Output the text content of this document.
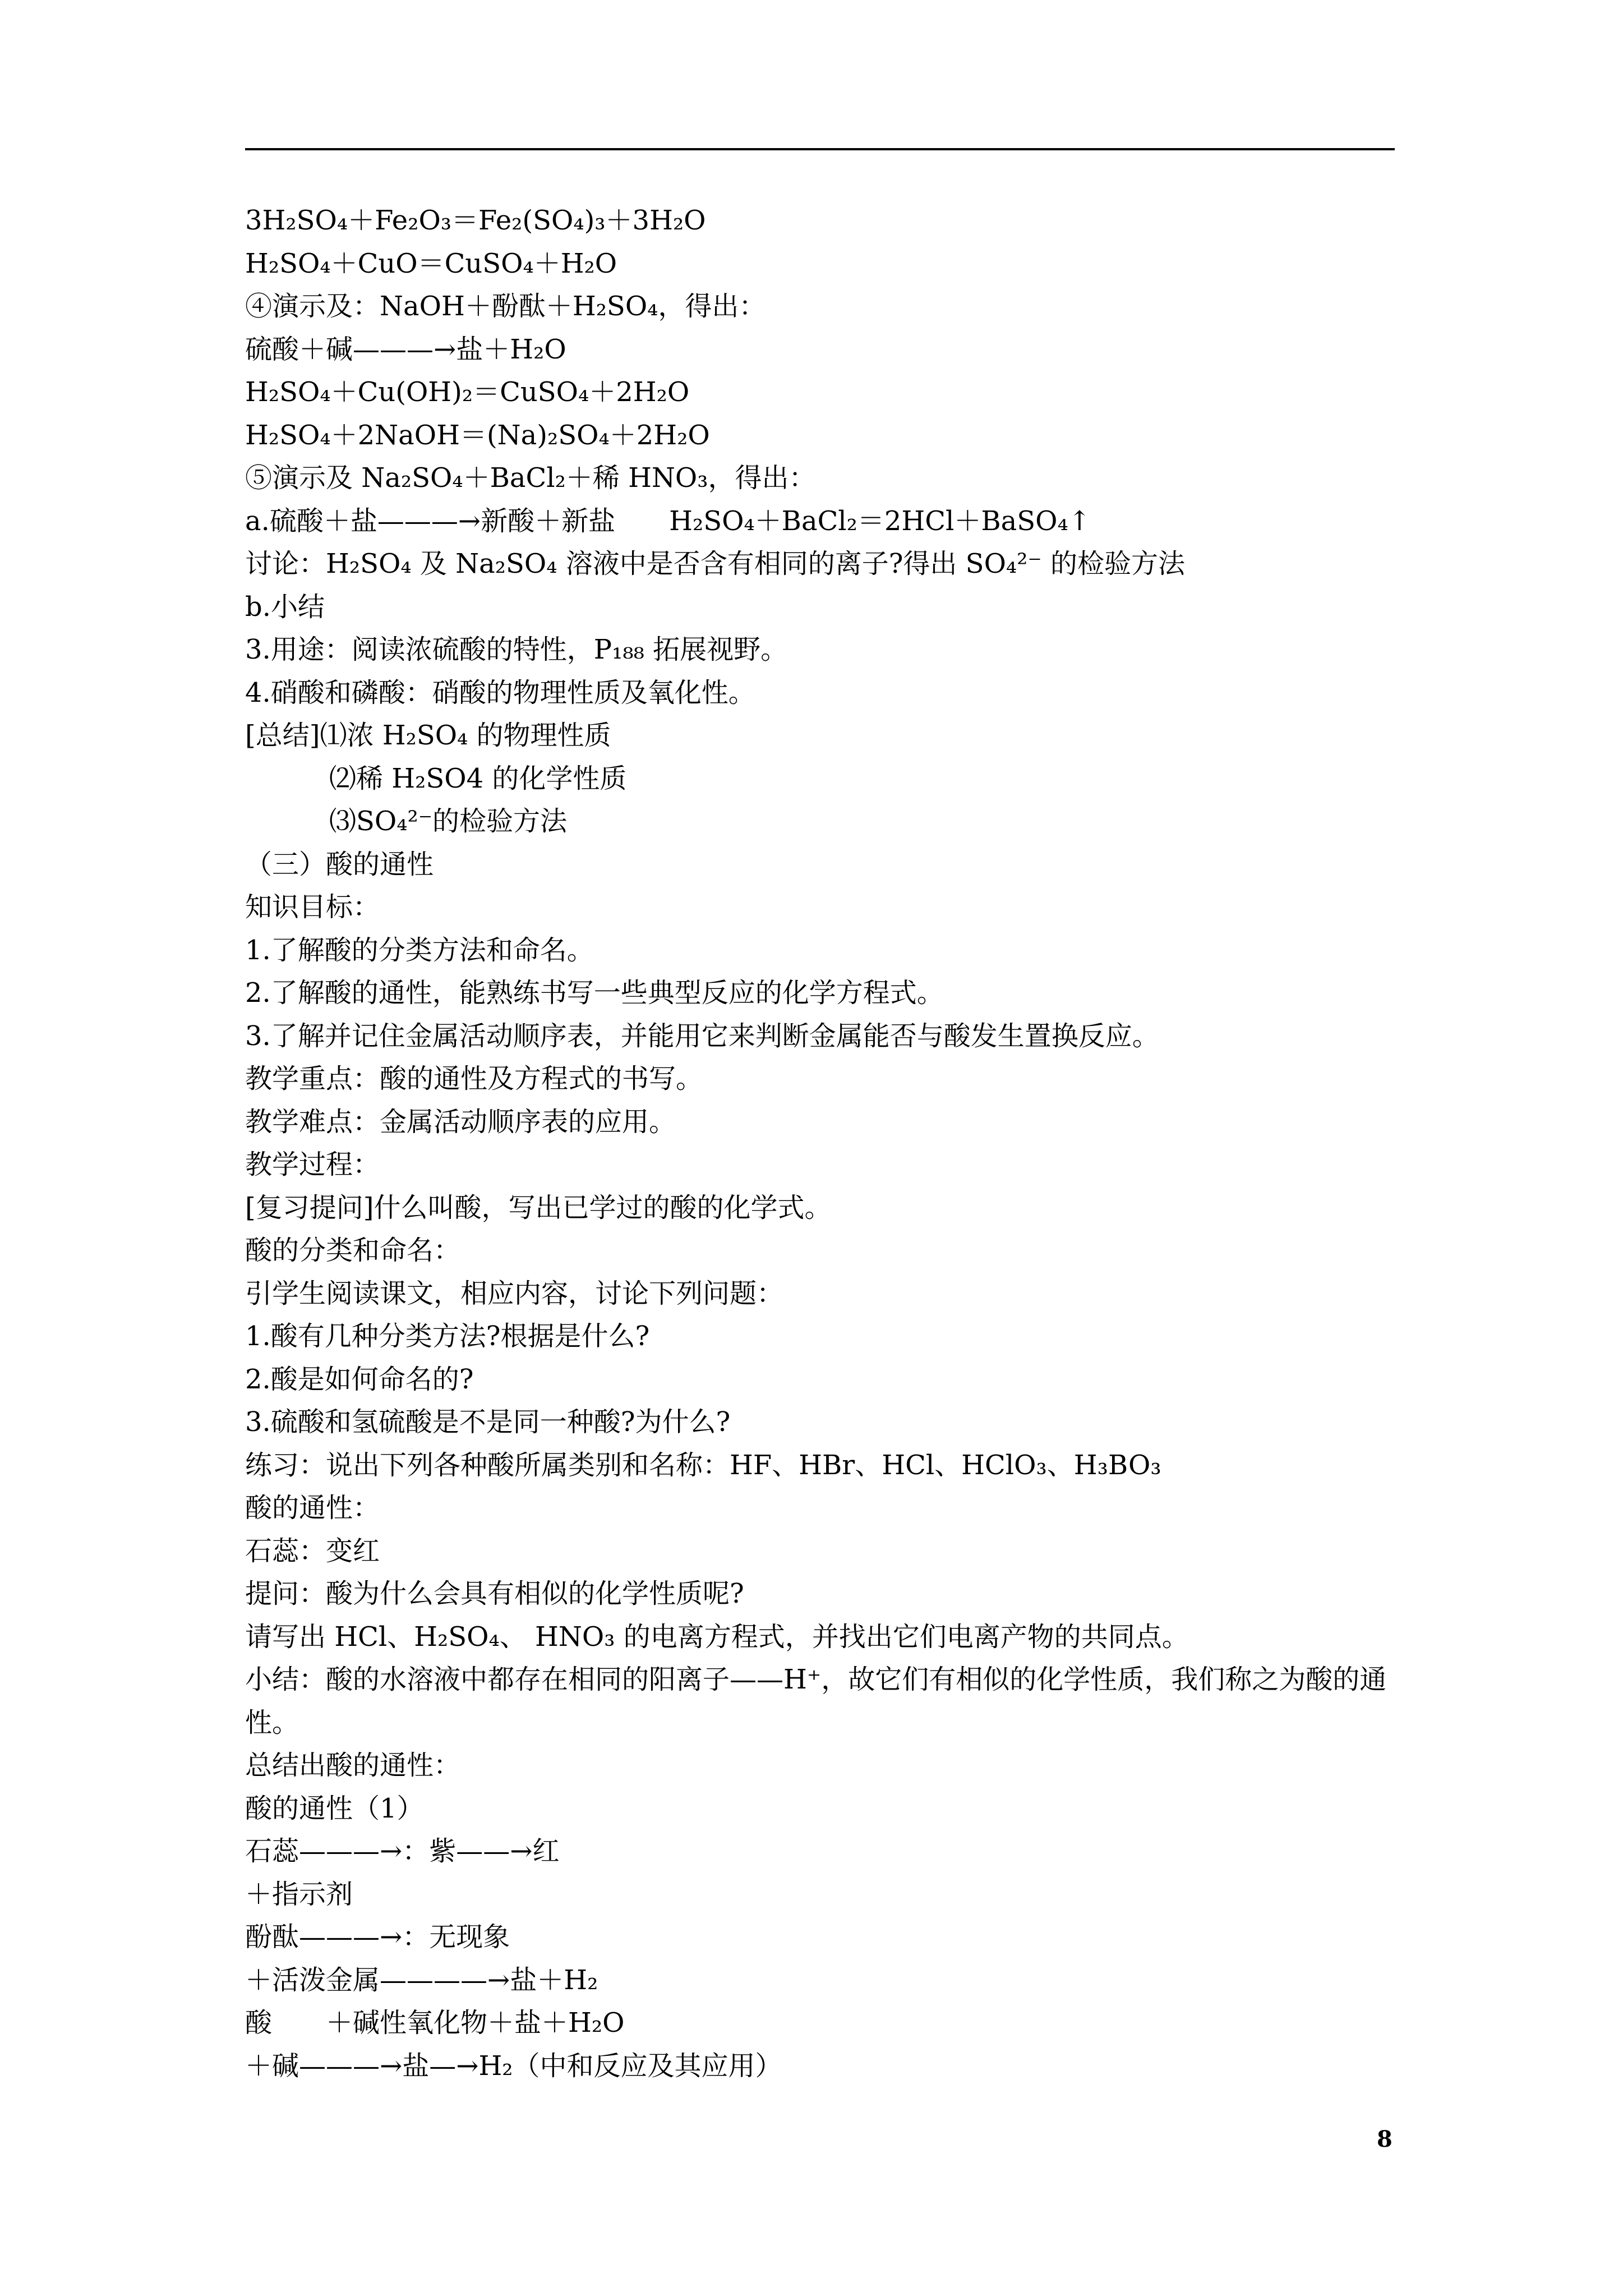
3H₂SO₄＋Fe₂O₃＝Fe₂(SO₄)₃＋3H₂O
H₂SO₄＋CuO＝CuSO₄＋H₂O
④演示及：NaOH＋酚酞＋H₂SO₄，得出：
硫酸＋碱———→盐＋H₂O
H₂SO₄＋Cu(OH)₂＝CuSO₄＋2H₂O
H₂SO₄＋2NaOH＝(Na)₂SO₄＋2H₂O
⑤演示及 Na₂SO₄＋BaCl₂＋稀 HNO₃，得出：
a.硫酸＋盐———→新酸＋新盐　　H₂SO₄＋BaCl₂＝2HCl＋BaSO₄↑
讨论：H₂SO₄ 及 Na₂SO₄ 溶液中是否含有相同的离子?得出 SO₄²⁻ 的检验方法
b.小结
3.用途：阅读浓硫酸的特性，P₁₈₈ 拓展视野。
4.硝酸和磷酸：硝酸的物理性质及氧化性。
[总结]⑴浓 H₂SO₄ 的物理性质
⑵稀 H₂SO4 的化学性质
⑶SO₄²⁻的检验方法
（三）酸的通性
知识目标：
1.了解酸的分类方法和命名。
2.了解酸的通性，能熟练书写一些典型反应的化学方程式。
3.了解并记住金属活动顺序表，并能用它来判断金属能否与酸发生置换反应。
教学重点：酸的通性及方程式的书写。
教学难点：金属活动顺序表的应用。
教学过程：
[复习提问]什么叫酸，写出已学过的酸的化学式。
酸的分类和命名：
引学生阅读课文，相应内容，讨论下列问题：
1.酸有几种分类方法?根据是什么?
2.酸是如何命名的?
3.硫酸和氢硫酸是不是同一种酸?为什么?
练习：说出下列各种酸所属类别和名称：HF、HBr、HCl、HClO₃、H₃BO₃
酸的通性：
石蕊：变红
提问：酸为什么会具有相似的化学性质呢?
请写出 HCl、H₂SO₄、 HNO₃ 的电离方程式，并找出它们电离产物的共同点。
小结：酸的水溶液中都存在相同的阳离子——H⁺，故它们有相似的化学性质，我们称之为酸的通性。
总结出酸的通性：
酸的通性（1）
石蕊———→：紫——→红
＋指示剂
酚酞———→：无现象
＋活泼金属————→盐＋H₂
酸　　＋碱性氧化物＋盐＋H₂O
＋碱———→盐—→H₂（中和反应及其应用）
8
